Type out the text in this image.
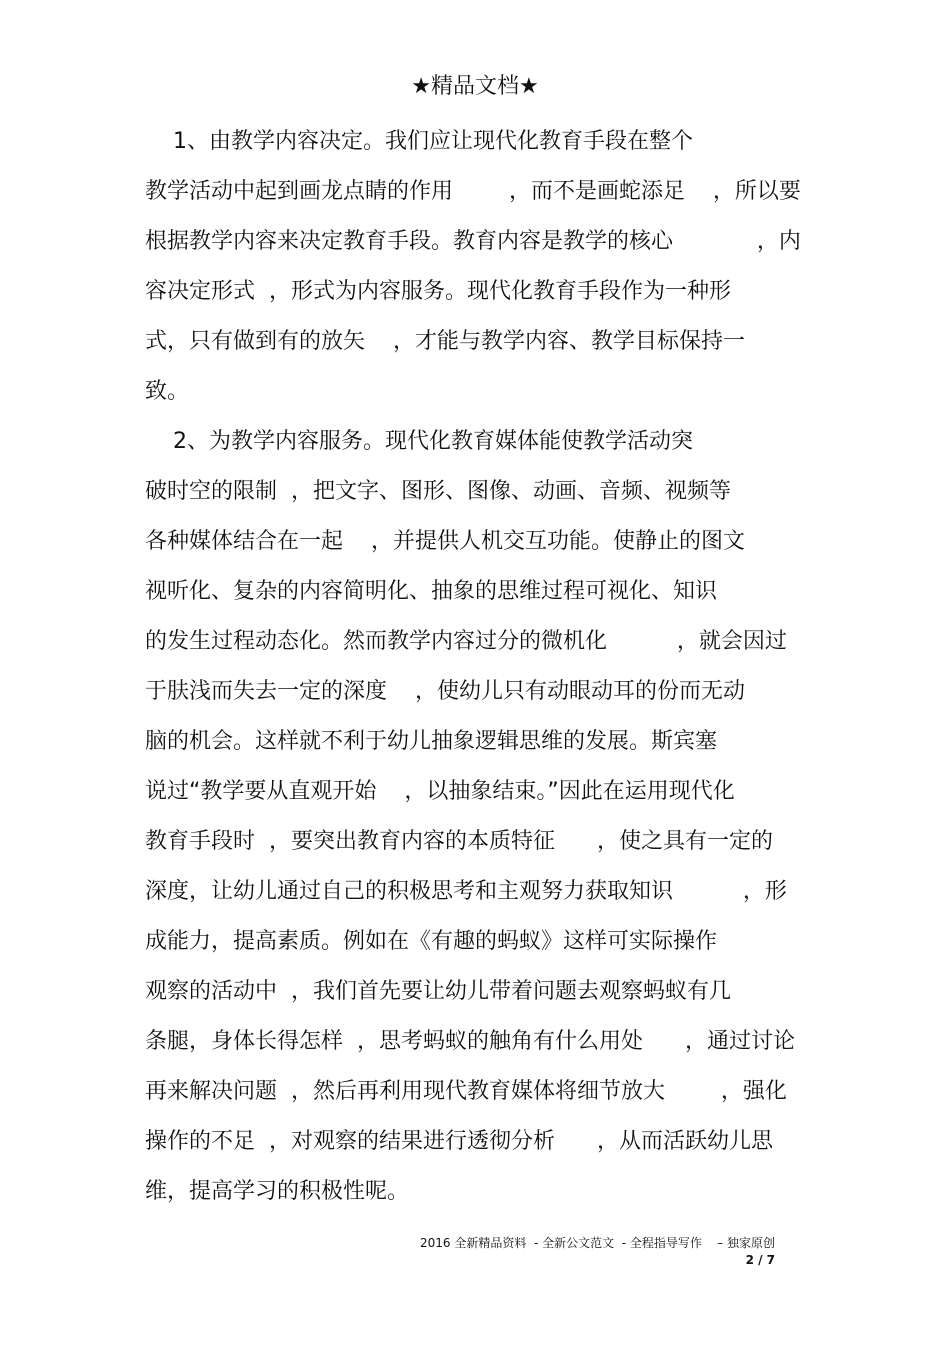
★精品文档★
1、由教学内容决定。我们应让现代化教育手段在整个
教学活动中起到画龙点睛的作用        ，而不是画蛇添足    ，所以要
根据教学内容来决定教育手段。教育内容是教学的核心            ，内
容决定形式  ，形式为内容服务。现代化教育手段作为一种形
式，只有做到有的放矢    ，才能与教学内容、教学目标保持一
致。
2、为教学内容服务。现代化教育媒体能使教学活动突
破时空的限制  ，把文字、图形、图像、动画、音频、视频等
各种媒体结合在一起    ，并提供人机交互功能。使静止的图文
视听化、复杂的内容简明化、抽象的思维过程可视化、知识
的发生过程动态化。然而教学内容过分的微机化          ，就会因过
于肤浅而失去一定的深度    ，使幼儿只有动眼动耳的份而无动
脑的机会。这样就不利于幼儿抽象逻辑思维的发展。斯宾塞
说过“教学要从直观开始    ，以抽象结束。”因此在运用现代化
教育手段时  ，要突出教育内容的本质特征      ，使之具有一定的
深度，让幼儿通过自己的积极思考和主观努力获取知识          ，形
成能力，提高素质。例如在《有趣的蚂蚁》这样可实际操作
观察的活动中  ，我们首先要让幼儿带着问题去观察蚂蚁有几
条腿，身体长得怎样  ，思考蚂蚁的触角有什么用处      ，通过讨论
再来解决问题  ，然后再利用现代教育媒体将细节放大        ，强化
操作的不足  ，对观察的结果进行透彻分析      ，从而活跃幼儿思
维，提高学习的积极性呢。
2016 全新精品资料  - 全新公文范文  - 全程指导写作    – 独家原创
2 / 7
